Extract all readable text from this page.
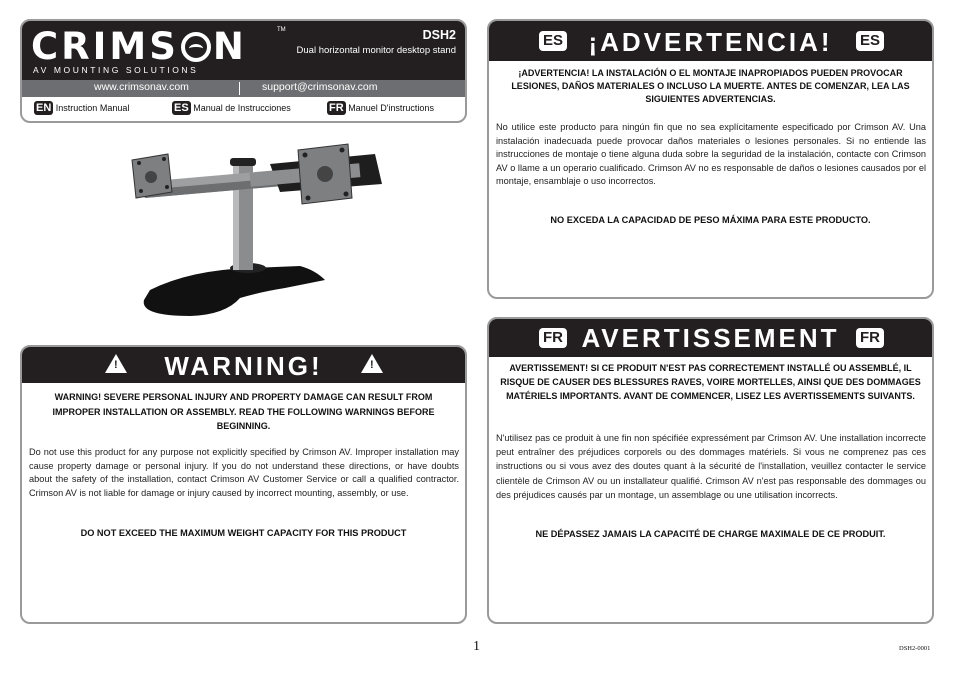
CRIMS N
AV MOUNTING SOLUTIONS
TM	DSH2
Dual horizontal monitor desktop stand
www.crimsonav.com	support@crimsonav.com
EN Instruction Manual	ES Manual de Instrucciones	FR Manuel D'instructions
!	WARNING!	!
WARNING! SEVERE PERSONAL INJURY AND PROPERTY DAMAGE CAN RESULT FROM IMPROPER INSTALLATION OR ASSEMBLY. READ THE FOLLOWING WARNINGS BEFORE BEGINNING.
Do not use this product for any purpose not explicitly specified by Crimson AV. Improper installation may cause property damage or personal injury. If you do not understand these directions, or have doubts about the safety of the installation, contact Crimson AV Customer Service or call a qualified contractor. Crimson AV is not liable for damage or injury caused by incorrect mounting, assembly, or use.
DO NOT EXCEED THE MAXIMUM WEIGHT CAPACITY FOR THIS PRODUCT
ES ¡ADVERTENCIA!	ES
¡ADVERTENCIA! LA INSTALACIÓN O EL MONTAJE INAPROPIADOS PUEDEN PROVOCAR LESIONES, DAÑOS MATERIALES O INCLUSO LA MUERTE. ANTES DE COMENZAR, LEA LAS SIGUIENTES ADVERTENCIAS.
No utilice este producto para ningún fin que no sea explícitamente especificado por Crimson AV. Una instalación inadecuada puede provocar daños materiales o lesiones personales. Si no entiende las instrucciones de montaje o tiene alguna duda sobre la seguridad de la instalación, contacte con Crimson AV o llame a un operario cualificado. Crimson AV no es responsable de daños o lesiones causados por el montaje, ensamblaje o uso incorrectos.
NO EXCEDA LA CAPACIDAD DE PESO MÁXIMA PARA ESTE PRODUCTO.
FR AVERTISSEMENT	FR
AVERTISSEMENT! SI CE PRODUIT N'EST PAS CORRECTEMENT INSTALLÉ OU ASSEMBLÉ, IL RISQUE DE CAUSER DES BLESSURES RAVES, VOIRE MORTELLES, AINSI QUE DES DOMMAGES MATÉRIELS IMPORTANTS. AVANT DE COMMENCER, LISEZ LES AVERTISSEMENTS SUIVANTS.
N'utilisez pas ce produit à une fin non spécifiée expressément par Crimson AV. Une installation incorrecte peut entraîner des préjudices corporels ou des dommages matériels. Si vous ne comprenez pas ces instructions ou si vous avez des doutes quant à la sécurité de l'installation, veuillez contacter le service clientèle de Crimson AV ou un installateur qualifié. Crimson AV n'est pas responsable des dommages ou des préjudices causés par un montage, un assemblage ou une utilisation incorrects.
NE DÉPASSEZ JAMAIS LA CAPACITÉ DE CHARGE MAXIMALE DE CE PRODUIT.
1	DSH2-0001
